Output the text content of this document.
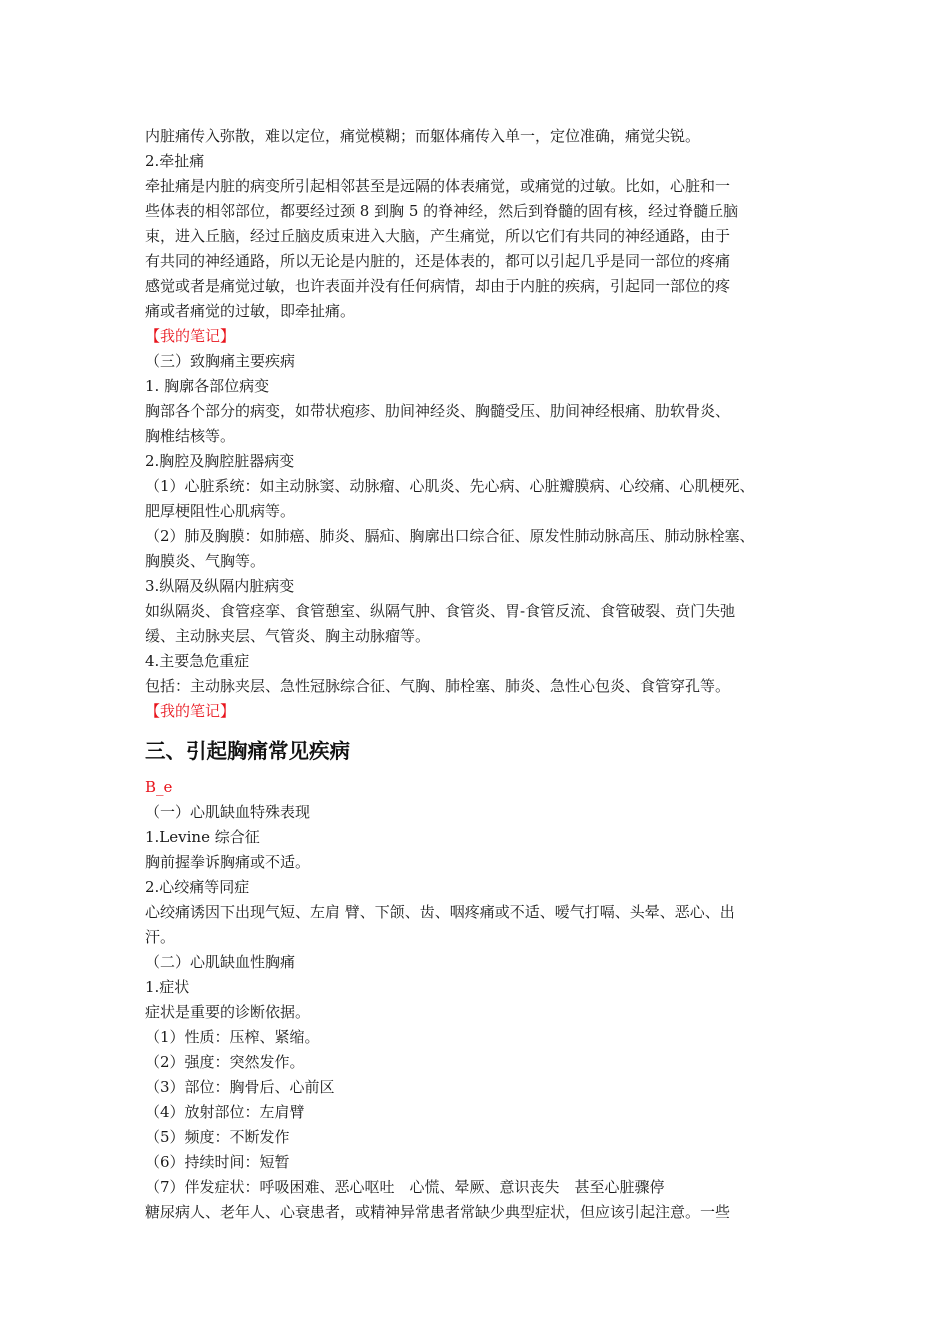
内脏痛传入弥散，难以定位，痛觉模糊；而躯体痛传入单一，定位准确，痛觉尖锐。
2.牵扯痛
牵扯痛是内脏的病变所引起相邻甚至是远隔的体表痛觉，或痛觉的过敏。比如，心脏和一
些体表的相邻部位，都要经过颈 8 到胸 5 的脊神经，然后到脊髓的固有核，经过脊髓丘脑
束，进入丘脑，经过丘脑皮质束进入大脑，产生痛觉，所以它们有共同的神经通路，由于
有共同的神经通路，所以无论是内脏的，还是体表的，都可以引起几乎是同一部位的疼痛
感觉或者是痛觉过敏，也许表面并没有任何病情，却由于内脏的疾病，引起同一部位的疼
痛或者痛觉的过敏，即牵扯痛。
【我的笔记】
（三）致胸痛主要疾病
1. 胸廓各部位病变
胸部各个部分的病变，如带状疱疹、肋间神经炎、胸髓受压、肋间神经根痛、肋软骨炎、
胸椎结核等。
2.胸腔及胸腔脏器病变
（1）心脏系统：如主动脉窦、动脉瘤、心肌炎、先心病、心脏瓣膜病、心绞痛、心肌梗死、
肥厚梗阻性心肌病等。
（2）肺及胸膜：如肺癌、肺炎、膈疝、胸廓出口综合征、原发性肺动脉高压、肺动脉栓塞、
胸膜炎、气胸等。
3.纵隔及纵隔内脏病变
如纵隔炎、食管痉挛、食管憩室、纵隔气肿、食管炎、胃-食管反流、食管破裂、贲门失弛
缓、主动脉夹层、气管炎、胸主动脉瘤等。
4.主要急危重症
包括：主动脉夹层、急性冠脉综合征、气胸、肺栓塞、肺炎、急性心包炎、食管穿孔等。
【我的笔记】
三、引起胸痛常见疾病
B_e
（一）心肌缺血特殊表现
1.Levine 综合征
胸前握拳诉胸痛或不适。
2.心绞痛等同症
心绞痛诱因下出现气短、左肩 臂、下颌、齿、咽疼痛或不适、嗳气打嗝、头晕、恶心、出
汗。
（二）心肌缺血性胸痛
1.症状
症状是重要的诊断依据。
（1）性质：压榨、紧缩。
（2）强度：突然发作。
（3）部位：胸骨后、心前区
（4）放射部位：左肩臂
（5）频度：不断发作
（6）持续时间：短暂
（7）伴发症状：呼吸困难、恶心呕吐　心慌、晕厥、意识丧失　甚至心脏骤停
糖尿病人、老年人、心衰患者，或精神异常患者常缺少典型症状，但应该引起注意。一些
